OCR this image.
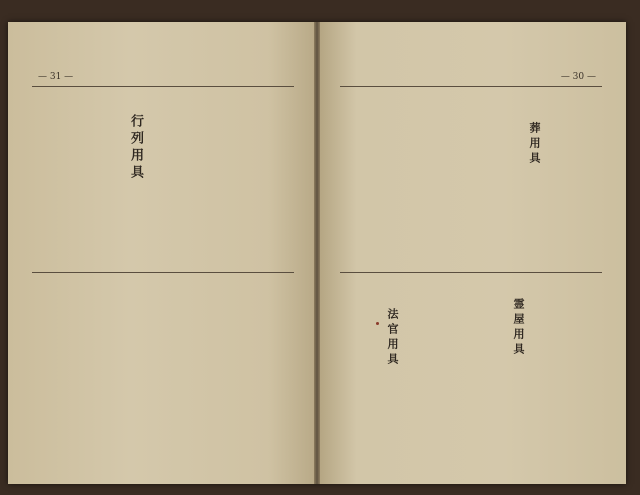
— 31 —
行列用具
— 30 —
葬用具
霊屋用具
法官用具
